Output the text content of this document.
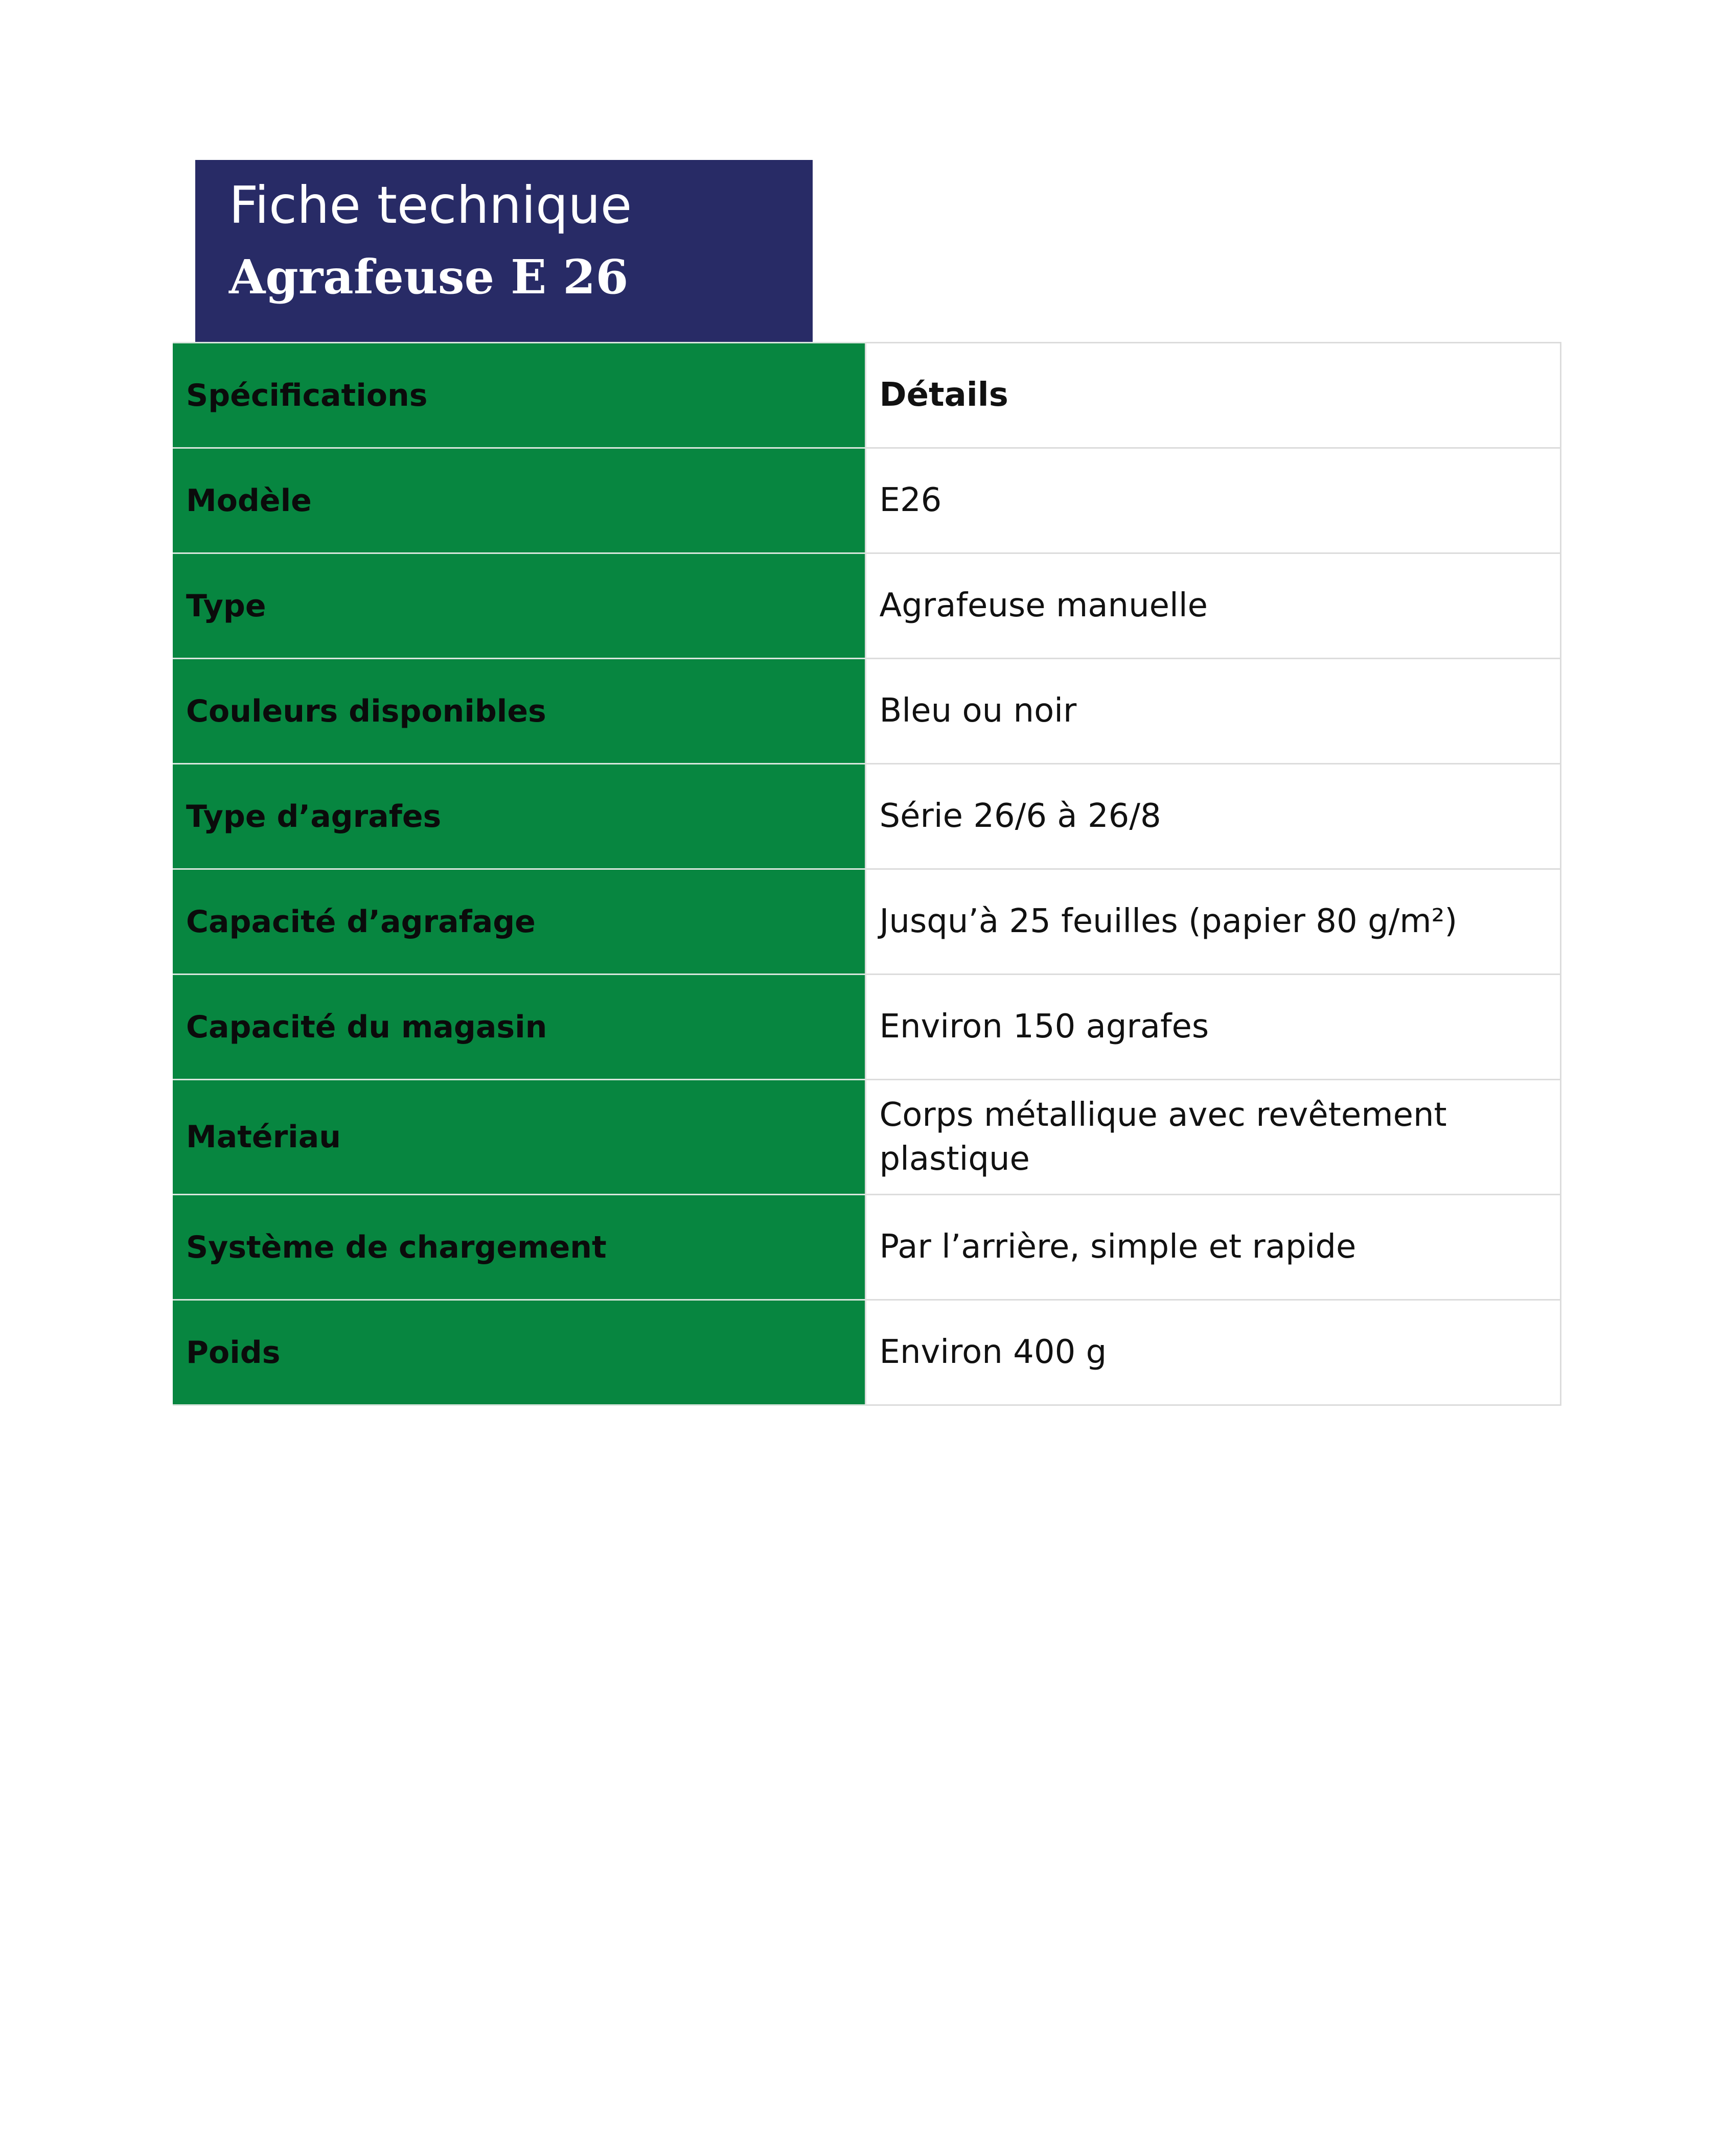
Fiche technique
Agrafeuse E 26
Spécifications	Détails
Modèle	E26
Type	Agrafeuse manuelle
Couleurs disponibles	Bleu ou noir
Type d’agrafes	Série 26/6 à 26/8
Capacité d’agrafage	Jusqu’à 25 feuilles (papier 80 g/m²)
Capacité du magasin	Environ 150 agrafes
Matériau	Corps métallique avec revêtement plastique
Système de chargement	Par l’arrière, simple et rapide
Poids	Environ 400 g
